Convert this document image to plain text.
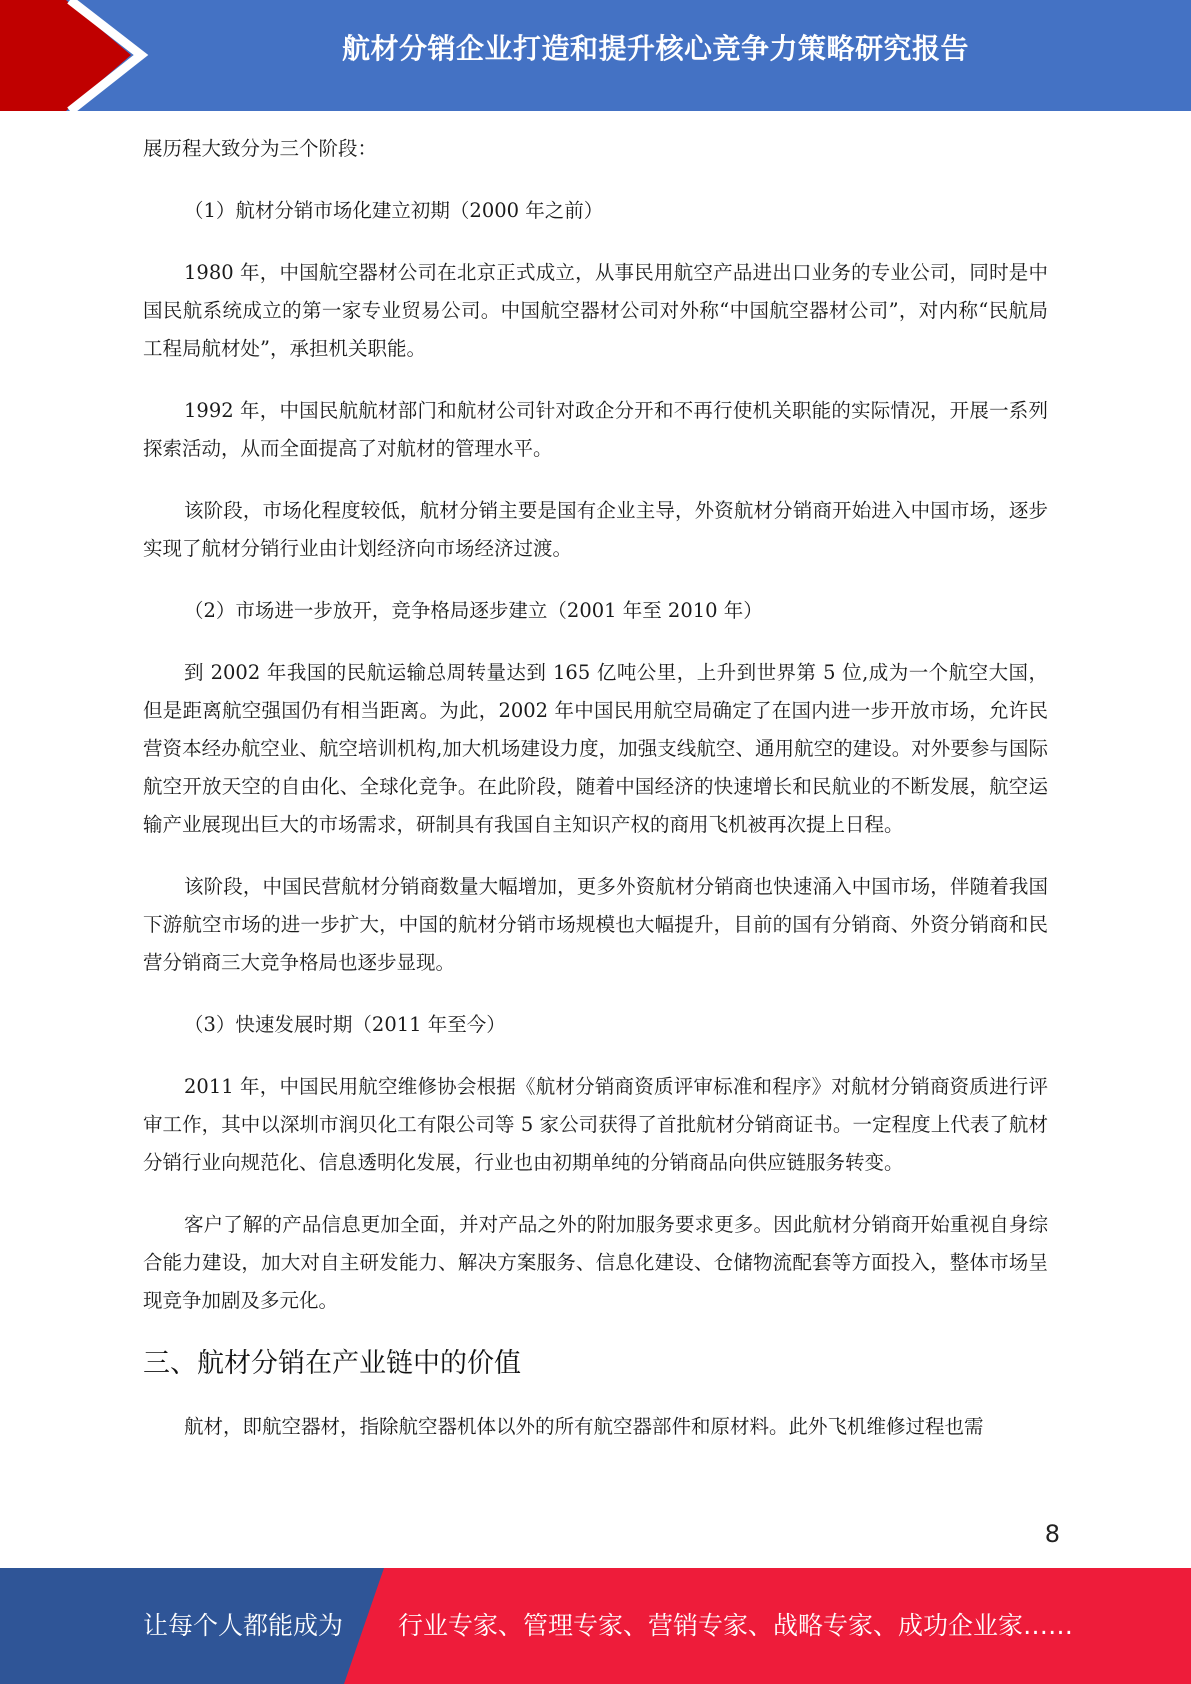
航材分销企业打造和提升核心竞争力策略研究报告

展历程大致分为三个阶段：

（1）航材分销市场化建立初期（2000 年之前）

1980 年，中国航空器材公司在北京正式成立，从事民用航空产品进出口业务的专业公司，同时是中国民航系统成立的第一家专业贸易公司。中国航空器材公司对外称“中国航空器材公司”，对内称“民航局工程局航材处”，承担机关职能。

1992 年，中国民航航材部门和航材公司针对政企分开和不再行使机关职能的实际情况，开展一系列探索活动，从而全面提高了对航材的管理水平。

该阶段，市场化程度较低，航材分销主要是国有企业主导，外资航材分销商开始进入中国市场，逐步实现了航材分销行业由计划经济向市场经济过渡。

（2）市场进一步放开，竞争格局逐步建立（2001 年至 2010 年）

到 2002 年我国的民航运输总周转量达到 165 亿吨公里，上升到世界第 5 位,成为一个航空大国，但是距离航空强国仍有相当距离。为此，2002 年中国民用航空局确定了在国内进一步开放市场，允许民营资本经办航空业、航空培训机构,加大机场建设力度，加强支线航空、通用航空的建设。对外要参与国际航空开放天空的自由化、全球化竞争。在此阶段，随着中国经济的快速增长和民航业的不断发展，航空运输产业展现出巨大的市场需求，研制具有我国自主知识产权的商用飞机被再次提上日程。

该阶段，中国民营航材分销商数量大幅增加，更多外资航材分销商也快速涌入中国市场，伴随着我国下游航空市场的进一步扩大，中国的航材分销市场规模也大幅提升，目前的国有分销商、外资分销商和民营分销商三大竞争格局也逐步显现。

（3）快速发展时期（2011 年至今）

2011 年，中国民用航空维修协会根据《航材分销商资质评审标准和程序》对航材分销商资质进行评审工作，其中以深圳市润贝化工有限公司等 5 家公司获得了首批航材分销商证书。一定程度上代表了航材分销行业向规范化、信息透明化发展，行业也由初期单纯的分销商品向供应链服务转变。

客户了解的产品信息更加全面，并对产品之外的附加服务要求更多。因此航材分销商开始重视自身综合能力建设，加大对自主研发能力、解决方案服务、信息化建设、仓储物流配套等方面投入，整体市场呈现竞争加剧及多元化。

三、航材分销在产业链中的价值

航材，即航空器材，指除航空器机体以外的所有航空器部件和原材料。此外飞机维修过程也需

8
让每个人都能成为 行业专家、管理专家、营销专家、战略专家、成功企业家……
